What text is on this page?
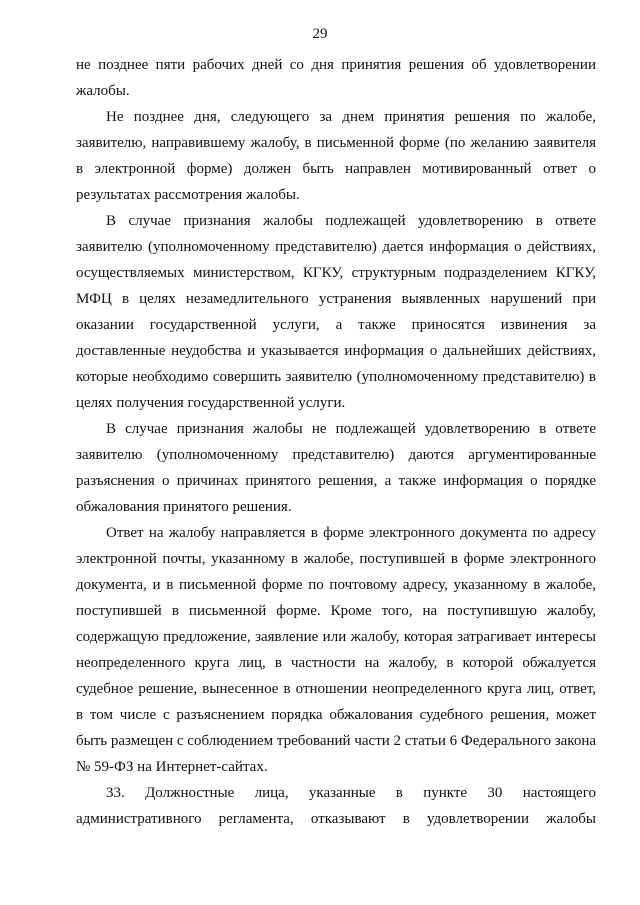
29

не позднее пяти рабочих дней со дня принятия решения об удовлетворении жалобы.

Не позднее дня, следующего за днем принятия решения по жалобе, заявителю, направившему жалобу, в письменной форме (по желанию заявителя в электронной форме) должен быть направлен мотивированный ответ о результатах рассмотрения жалобы.

В случае признания жалобы подлежащей удовлетворению в ответе заявителю (уполномоченному представителю) дается информация о действиях, осуществляемых министерством, КГКУ, структурным подразделением КГКУ, МФЦ в целях незамедлительного устранения выявленных нарушений при оказании государственной услуги, а также приносятся извинения за доставленные неудобства и указывается информация о дальнейших действиях, которые необходимо совершить заявителю (уполномоченному представителю) в целях получения государственной услуги.

В случае признания жалобы не подлежащей удовлетворению в ответе заявителю (уполномоченному представителю) даются аргументированные разъяснения о причинах принятого решения, а также информация о порядке обжалования принятого решения.

Ответ на жалобу направляется в форме электронного документа по адресу электронной почты, указанному в жалобе, поступившей в форме электронного документа, и в письменной форме по почтовому адресу, указанному в жалобе, поступившей в письменной форме. Кроме того, на поступившую жалобу, содержащую предложение, заявление или жалобу, которая затрагивает интересы неопределенного круга лиц, в частности на жалобу, в которой обжалуется судебное решение, вынесенное в отношении неопределенного круга лиц, ответ, в том числе с разъяснением порядка обжалования судебного решения, может быть размещен с соблюдением требований части 2 статьи 6 Федерального закона № 59-ФЗ на Интернет-сайтах.

33. Должностные лица, указанные в пункте 30 настоящего административного регламента, отказывают в удовлетворении жалобы
